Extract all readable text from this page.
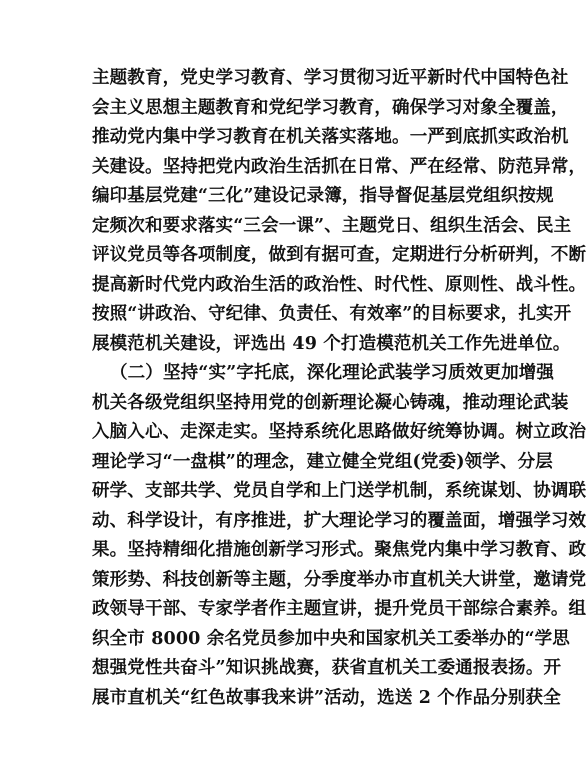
主题教育，党史学习教育、学习贯彻习近平新时代中国特色社
会主义思想主题教育和党纪学习教育，确保学习对象全覆盖，
推动党内集中学习教育在机关落实落地。一严到底抓实政治机
关建设。坚持把党内政治生活抓在日常、严在经常、防范异常，
编印基层党建“三化”建设记录簿，指导督促基层党组织按规
定频次和要求落实“三会一课”、主题党日、组织生活会、民主
评议党员等各项制度，做到有据可查，定期进行分析研判，不断
提高新时代党内政治生活的政治性、时代性、原则性、战斗性。
按照“讲政治、守纪律、负责任、有效率”的目标要求，扎实开
展模范机关建设，评选出 49 个打造模范机关工作先进单位。
（二）坚持“实”字托底，深化理论武装学习质效更加增强
机关各级党组织坚持用党的创新理论凝心铸魂，推动理论武装
入脑入心、走深走实。坚持系统化思路做好统筹协调。树立政治
理论学习“一盘棋”的理念，建立健全党组(党委)领学、分层
研学、支部共学、党员自学和上门送学机制，系统谋划、协调联
动、科学设计，有序推进，扩大理论学习的覆盖面，增强学习效
果。坚持精细化措施创新学习形式。聚焦党内集中学习教育、政
策形势、科技创新等主题，分季度举办市直机关大讲堂，邀请党
政领导干部、专家学者作主题宣讲，提升党员干部综合素养。组
织全市 8000 余名党员参加中央和国家机关工委举办的“学思
想强党性共奋斗”知识挑战赛，获省直机关工委通报表扬。开
展市直机关“红色故事我来讲”活动，选送 2 个作品分别获全
